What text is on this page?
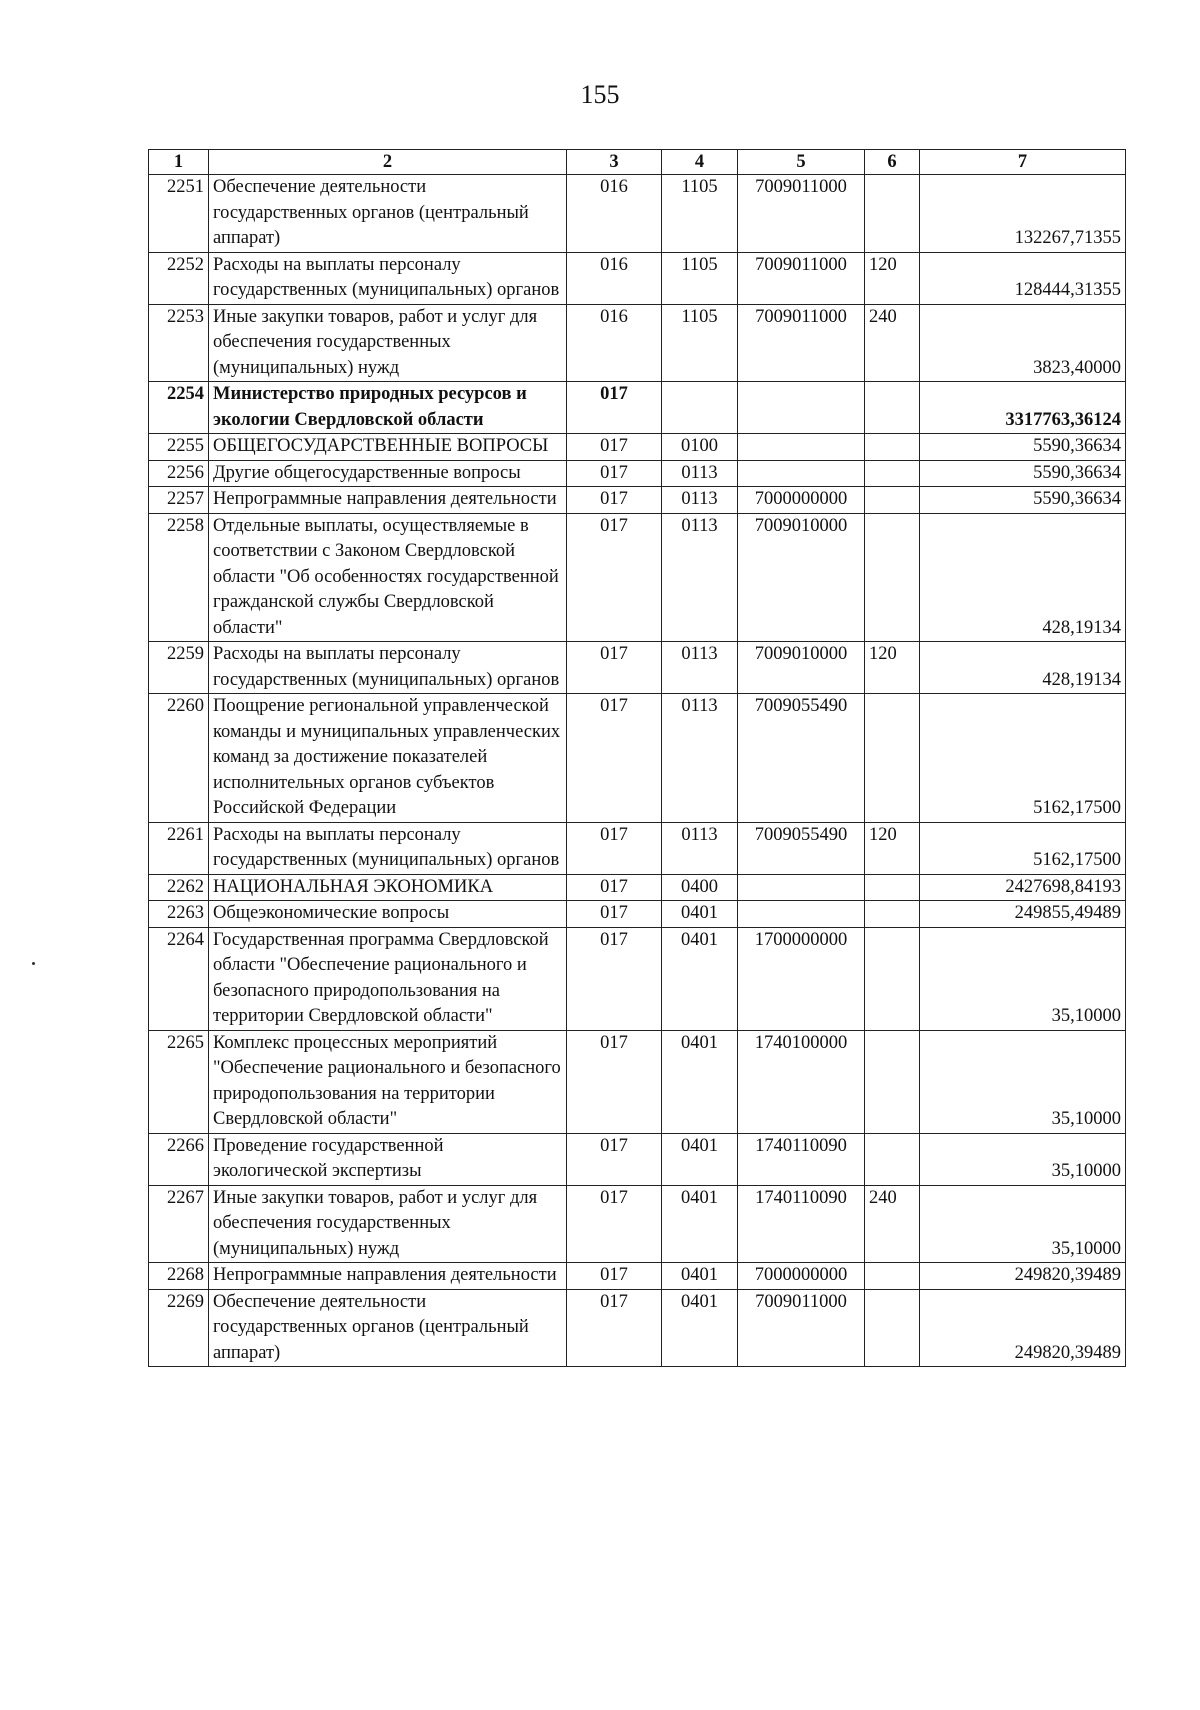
155
1	2	3	4	5	6	7
2251	Обеспечение деятельности государственных органов (центральный аппарат)	016	1105	7009011000		132267,71355
2252	Расходы на выплаты персоналу государственных (муниципальных) органов	016	1105	7009011000	120	128444,31355
2253	Иные закупки товаров, работ и услуг для обеспечения государственных (муниципальных) нужд	016	1105	7009011000	240	3823,40000
2254	Министерство природных ресурсов и экологии Свердловской области	017				3317763,36124
2255	ОБЩЕГОСУДАРСТВЕННЫЕ ВОПРОСЫ	017	0100			5590,36634
2256	Другие общегосударственные вопросы	017	0113			5590,36634
2257	Непрограммные направления деятельности	017	0113	7000000000		5590,36634
2258	Отдельные выплаты, осуществляемые в соответствии с Законом Свердловской области "Об особенностях государственной гражданской службы Свердловской области"	017	0113	7009010000		428,19134
2259	Расходы на выплаты персоналу государственных (муниципальных) органов	017	0113	7009010000	120	428,19134
2260	Поощрение региональной управленческой команды и муниципальных управленческих команд за достижение показателей исполнительных органов субъектов Российской Федерации	017	0113	7009055490		5162,17500
2261	Расходы на выплаты персоналу государственных (муниципальных) органов	017	0113	7009055490	120	5162,17500
2262	НАЦИОНАЛЬНАЯ ЭКОНОМИКА	017	0400			2427698,84193
2263	Общеэкономические вопросы	017	0401			249855,49489
2264	Государственная программа Свердловской области "Обеспечение рационального и безопасного природопользования на территории Свердловской области"	017	0401	1700000000		35,10000
2265	Комплекс процессных мероприятий "Обеспечение рационального и безопасного природопользования на территории Свердловской области"	017	0401	1740100000		35,10000
2266	Проведение государственной экологической экспертизы	017	0401	1740110090		35,10000
2267	Иные закупки товаров, работ и услуг для обеспечения государственных (муниципальных) нужд	017	0401	1740110090	240	35,10000
2268	Непрограммные направления деятельности	017	0401	7000000000		249820,39489
2269	Обеспечение деятельности государственных органов (центральный аппарат)	017	0401	7009011000		249820,39489
